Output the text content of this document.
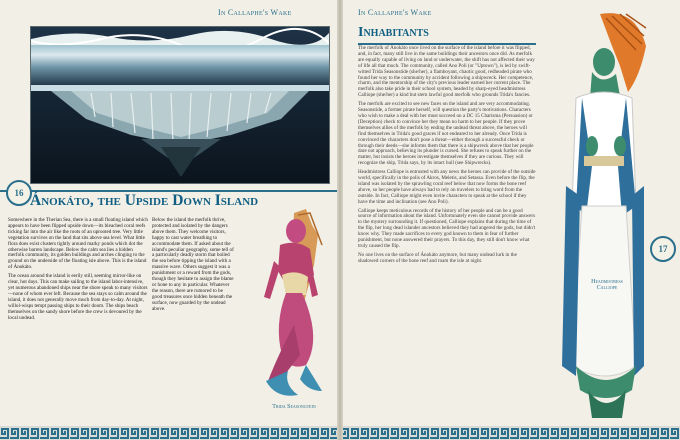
In Callaphe's Wake
16 Ánokáto, the Upside Down Island

Somewhere in the Therian Sea, there is a small floating island which appears to have been flipped upside down—its bleached coral reefs ticking far into the air like the roots of an uprooted tree. Very little vegetation survives on the land that sits above sea level. What little flora does exist clusters tightly around marky ponds which dot the otherwise barren landscape. Below the calm sea lies a hidden merfolk community, its golden buildings and arches clinging to the ground on the underside of the floating isle above. This is the island of Ánokáto.

The ocean around the island is eerily still, seeming mirror-like on clear, hot days. This can make sailing to the island labor-intensive, yet numerous abandoned ships near the shore speak to many visitors—none of whom ever left. Because the sea stays so calm around the island, it does not generally move much from day-to-day. At night, willol-wisps tempt passing ships to their doom. The ships beach themselves on the sandy shore before the crew is devoured by the local undead.

Below the island the merfolk thrive, protected and isolated by the dangers above them. They welcome visitors, happy to cast water breathing to accommodate them. If asked about the island's peculiar geography, some tell of a particularly deadly storm that boiled the sea before tipping the island with a massive wave. Others suggest it was a punishment or a reward from the gods, though they hesitate to assign the blame or hone to any in particular. Whatever the reason, there are rumored to be good treasures once hidden beneath the surface, now guarded by the undead above.

Trida Seasongtein
In Callaphe's Wake
Inhabitants

The merfolk of Ánokáto once lived on the surface of the island before it was flipped, and, in fact, many still live in the same buildings their ancestors once did. As merfolk are equally capable of living on land or underwater, the shift has not affected their way of life all that much. The community, called Ano Poli (or "Uptown"), is led by swift-witted Trida Seasonstide (she/her), a flamboyant, chaotic good, redheaded pirate who found her way to the community by accident following a shipwreck. Her competence, charm, and the mentorship of the city's previous leader earned her current place. The merfolk also take pride in their school system, headed by sharp-eyed headmistress Calliope (she/her) a kind but stern lawful good merfolk who grounds Trida's fancies.

The merfolk are excited to see new faces on the island and are very accommodating. Seasonstide, a former pirate herself, will question the party's motivations. Characters who wish to make a deal with her must succeed on a DC 15 Charisma (Persuasion) or (Deception) check to convince her they mean no harm to her people. If they prove themselves allies of the merfolk by ending the undead threat above, the heroes will find themselves in Trida's good graces if not endeared to her already. Once Trida is convinced the characters don't pose a threat—either through a successful check or through their deeds—she informs them that there is a shipwreck above that her people dare not approach, believing its plunder is cursed. She refuses to speak further on the matter, but insists the heroes investigate themselves if they are curious. They will recognize the ship, Trida says, by its intact hull (see Shipwrecks).

Headmistress Calliope is entrusted with any news the heroes can provide of the outside world, specifically in the polis of Akros, Meletis, and Setassa. Even before the flip, the island was isolated by the sprawling coral reef below that now forms the bone reef above, so her people have always had to rely on travelers to bring word from the outside. In fact, Calliope might even invite characters to speak at the school if they have the time and inclination (see Ano Poli).

Calliope keeps meticulous records of the history of her people and can be a good source of information about the island. Unfortunately even she cannot provide answers to the mystery surrounding it. If questioned, Calliope explains that during the time of the flip, her long dead islander ancestors believed they had angered the gods, but didn't know why. They made sacrifices to every god known to them in fear of further punishment, but none answered their prayers. To this day, they still don't know what truly caused the flip.

No one lives on the surface of Ánokáto anymore, but many undead lurk in the shadowed corners of the bone reef and roam the isle at night.

17
Headmistress
Calliope
